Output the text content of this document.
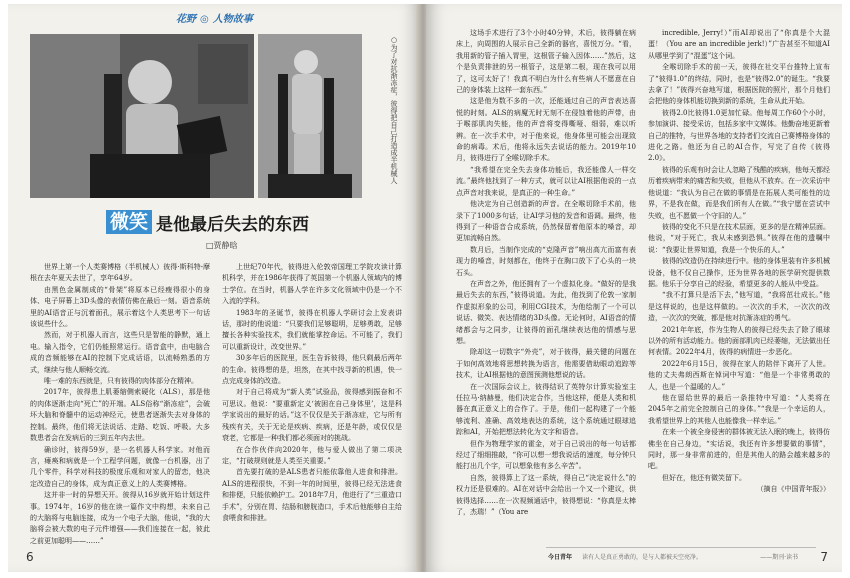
花野 ◎ 人物故事
○为了对抗渐冻症，彼得把自己打造成半机械人
微笑 是他最后失去的东西
□贾静晗

世界上第一个人类赛博格（半机械人）彼得·斯科特-摩根在去年夏天去世了，享年64岁。

由黑色金属制成的“骨架”将原本已经瘦得很小的身体、电子屏幕上3D头像的表情仿佛在最后一刻。语音系统里的AI语音正与沉着面孔，展示着这个人类思考下一句话该说些什么。

然而，对于机器人而言，这些只是智能的静默，通上电。输入指令，它们仍能照常运行。语音盒中，由电脑合成的音频能够在AI的控制下完成话语，以流畅熟悉的方式，继续与他人顺畅交流。

唯一难的东西就是，只有彼得的肉体部分在精神。

2017年，彼得患上肌萎缩侧索硬化（ALS），那是他的肉体逐渐走向“死亡”的开端。ALS俗称“渐冻症”，会破坏大脑和脊髓中的运动神经元，使患者逐渐失去对身体的控制。最终，他们将无法说话、走路、吃饭、呼吸。大多数患者会在发病后的三到五年内去世。

确诊时，彼得59岁，是一名机器人科学家。对他而言，瘫痪和病就是一个工程学问题，就像一台机器，出了几个零件，科学对科技的极度乐观和对家人的留恋，他决定改造自己的身体，成为真正意义上的人类赛博格。

这并非一时的异想天开。彼得从16岁就开始计划这件事。1974年，16岁的他在读一篇作文中构想，未来自己的大脑将与电脑连接，成为一个电子大脑，他说，“我的大脑将会被大数的电子元件增强——我们连接在一起，彼此之前更加聪明——……”

上世纪70年代，彼得进入伦敦帝国理工学院攻读计算机科学，并在1986年获得了英国第一个机器人领域内的博士学位。在当时，机器人学在许多文化领域中仍是一个不入流的学科。

1983年的圣诞节，彼得在机器人学研讨会上发表讲话，那时的他说道：“只要我们足够聪明，足够勇敢，足够擅长各种实验技术，我们就能掌控命运。不可能了，我们可以重新设计，改变世界。”

30多年后的医院里，医生告诉彼得，他只剩最后两年的生命。彼得想的是，坦然，在其中找寻新的机遇，快一点完成身体的改造。

对于自己将成为“新人类”试验品，彼得感到振奋和不可思议。他说：“要重新定义‘被困在自己身体里’，这是科学家说出的最好的话。”这不仅仅是关于渐冻症，它与所有残疾有关，关于无论是疾病、疾病，还是年龄，或仅仅是衰老，它都是一种我们都必须面对的挑战。

在合作伙伴向2020年，他与爱人做出了第二项决定，“打破规则就是人类至关重要。”

首先要打破的是ALS患者只能依靠他人进食和排泄。ALS的进程很快，不到一年的时间里，彼得已经无法进食和排便，只能依赖护工。2018年7月，他进行了“三重造口手术”，分别在胃、结肠和膀胱造口，手术后他能够自主给食喂食和排泄。

6

这场手术进行了3个小时40分钟，术后，彼得躺在病床上，向周围的人展示自己全新的器官，喜悦万分。“看，我用新的管子插入胃里，这根管子输入因体……”然后，这个是负责排泄的另一根管子，这是第二根，现在我可以用了，这可太好了！我真不明白为什么有些病人不愿意在自己的身体装上这样一套东西。”

这是他为数不多的一次，还能通过自己的声音表达喜悦的时刻。ALS的病魔无时无刻不在侵蚀着他的声带，由于喉部肌肉失能，他的声音将变得嘶哑、细弱，难以听辨。在一次手术中，对于他来说，他身体里可能会出现致命的病毒。术后，他将永远失去说话的能力。2019年10月，彼得进行了全喉切除手术。

“我希望在完全失去身体功能后，我还能像人一样交流。”最终他找到了一种方式，就可以让AI根据他说的一点点声音对我来说，是真正的一种生命。”

他决定为自己创造新的声音。在全喉切除手术前，他录下了1000多句话，让AI学习他的发音和语调。最终，他得到了一种语音合成系统，仍然保留着他原本的嗓音，却更加流畅自然。

数月后，当制作完成的“克隆声音”响出高亢而富有表现力的嗓音，时刻都在，他终于在胸口放下了心头的一块石头。

在声音之外，他还拥有了一个虚拟化身。“做好的是我最后失去的东西，”彼得说道。为此，他找到了伦敦一家制作虚拟形象的公司，利用CGI技术，为他绘制了一个可以说话、微笑、表达情绪的3D头像。无论何时，AI语音的情绪都会与之同步，让彼得的面孔继续表达他的情感与思想。

除却这一切数字“外壳”，对于彼得，最关键的问题在于如何高效地将思想转换为语言，他需要借助眼动追踪等技术，让AI根据他的意图预测他想说的话。

在一次国际会议上，彼得结识了英特尔计算实验室主任拉马·纳赫曼，他们决定合作，当他这样，便是人类和机器在真正意义上的合作了。于是，他们一起构建了一个能够流利、准确、高效地表达的系统，这个系统通过眼球追踪和AI，开始把想法转化为文字和语音。

但作为物理学家的霍金，对于自己说出的每一句话都经过了细细推敲，“你可以想一想我说话的速度，每分钟只能打出几个字，可以想象他有多么辛苦”。

自然，彼得算上了这一系统，得自己“决定说什么”的权力还是很难的。AI在对话中会给出一个又一个建议，供彼得选择……在一次视频通话中，彼得想说：“你真是太棒了，杰瑞！”（You are

incredible, Jerry!）”而AI却说出了“你真是个大混蛋！（You are an incredible jerk!）”广告甚至不知道AI从哪里学到了“混蛋”这个词。

全喉切除手术的前一天，彼得在社交平台推特上宣布了“彼得1.0”的终结，同时，也是“彼得2.0”的诞生。“我要去拿了！”彼得兴奋地写道，根据医院的照片，那个月他们会把他的身体机能切换到新的系统，生命从此开始。

彼得2.0比彼得1.0更加忙碌。他每周工作60个小时，参加演讲、接受采访，包括多家中文媒体。他勤奋地更新着自己的推特，与世界各地的支持者们交流自己赛博格身体的进化之路。他还为自己的AI合作，写完了自传《彼得2.0》。

彼得的乐观有时会让人忽略了残酷的疾病，他每天都经历着疾病带来的痛苦和失败，但他从不放弃。在一次采访中他说道：“我认为自己在做的事情是在拓展人类可能性的边界，不是我在做，而是我们所有人在做。”“我宁愿在尝试中失败，也不愿做一个守旧的人。”

彼得的变化不只是在技术层面，更多的是在精神层面。他说，“对于死亡，我从未感到恐惧。”彼得在他的遗嘱中说：“我要让世界知道，我是一个快乐的人。”

彼得的改造仍在持续进行中。他的身体里装有许多机械设备，他不仅自己操作，还为世界各地的医学研究提供数据。他乐于分享自己的经验，希望更多的人能从中受益。

“我不打算只是活下去，”他写道，“我将茁壮成长。”他是这样说的，也是这样做的。一次次的手术，一次次的改造，一次次的突破，都是他对抗渐冻症的勇气。

2021年年底，作为生物人的彼得已经失去了除了眼球以外的所有活动能力。他的面部肌肉已经萎缩，无法做出任何表情。2022年4月，彼得的病情进一步恶化。

2022年6月15日，彼得在家人的陪伴下离开了人世。他的丈夫弗朗西斯在悼词中写道：“他是一个非常勇敢的人，也是一个温暖的人。”

他在留给世界的最后一条推特中写道：“人类将在2045年之前完全控制自己的身体。”“我是一个幸运的人，我希望世界上的其他人也能像我一样幸运。”

在来一个被全身侵害的群体被无法入眠的晚上，彼得仿佛坐在自己身边，“实话说，我还有许多想要做的事情”，同时，那一身非常前进的，但是其他人的路会越来越多的吧。

但好在，他还有微笑留下。

（摘自《中国青年报》）

今日青年 读有人是真正勇敢的，是与人都被天空亮净。	——期刊·读书 7
